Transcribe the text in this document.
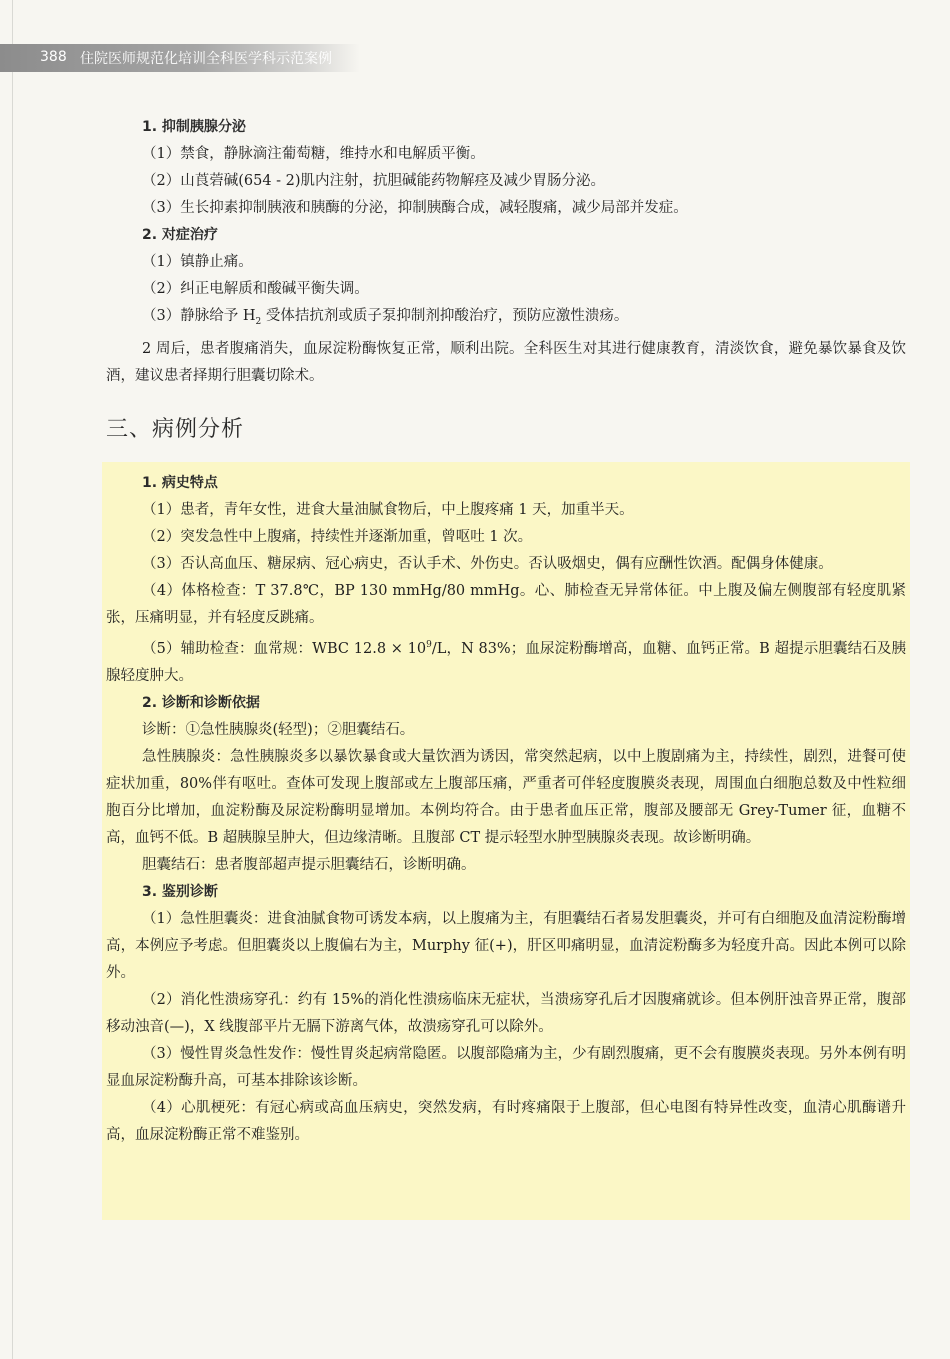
388 住院医师规范化培训全科医学科示范案例

1. 抑制胰腺分泌

（1）禁食，静脉滴注葡萄糖，维持水和电解质平衡。

（2）山莨菪碱(654 - 2)肌内注射，抗胆碱能药物解痉及减少胃肠分泌。

（3）生长抑素抑制胰液和胰酶的分泌，抑制胰酶合成，减轻腹痛，减少局部并发症。

2. 对症治疗

（1）镇静止痛。

（2）纠正电解质和酸碱平衡失调。

（3）静脉给予 $H_2$ 受体拮抗剂或质子泵抑制剂抑酸治疗，预防应激性溃疡。

2 周后，患者腹痛消失，血尿淀粉酶恢复正常，顺利出院。全科医生对其进行健康教育，清淡饮食，避免暴饮暴食及饮酒，建议患者择期行胆囊切除术。

三、病例分析

1. 病史特点

（1）患者，青年女性，进食大量油腻食物后，中上腹疼痛 1 天，加重半天。

（2）突发急性中上腹痛，持续性并逐渐加重，曾呕吐 1 次。

（3）否认高血压、糖尿病、冠心病史，否认手术、外伤史。否认吸烟史，偶有应酬性饮酒。配偶身体健康。

（4）体格检查：T 37.8℃，BP 130 mmHg/80 mmHg。心、肺检查无异常体征。中上腹及偏左侧腹部有轻度肌紧张，压痛明显，并有轻度反跳痛。

（5）辅助检查：血常规：WBC $12.8 \times 10^9/L$，N 83%；血尿淀粉酶增高，血糖、血钙正常。B 超提示胆囊结石及胰腺轻度肿大。

2. 诊断和诊断依据

诊断：①急性胰腺炎(轻型)；②胆囊结石。

急性胰腺炎：急性胰腺炎多以暴饮暴食或大量饮酒为诱因，常突然起病，以中上腹剧痛为主，持续性，剧烈，进餐可使症状加重，80%伴有呕吐。查体可发现上腹部或左上腹部压痛，严重者可伴轻度腹膜炎表现，周围血白细胞总数及中性粒细胞百分比增加，血淀粉酶及尿淀粉酶明显增加。本例均符合。由于患者血压正常，腹部及腰部无 Grey-Tumer 征，血糖不高，血钙不低。B 超胰腺呈肿大，但边缘清晰。且腹部 CT 提示轻型水肿型胰腺炎表现。故诊断明确。

胆囊结石：患者腹部超声提示胆囊结石，诊断明确。

3. 鉴别诊断

（1）急性胆囊炎：进食油腻食物可诱发本病，以上腹痛为主，有胆囊结石者易发胆囊炎，并可有白细胞及血清淀粉酶增高，本例应予考虑。但胆囊炎以上腹偏右为主，Murphy 征(+)，肝区叩痛明显，血清淀粉酶多为轻度升高。因此本例可以除外。

（2）消化性溃疡穿孔：约有 15%的消化性溃疡临床无症状，当溃疡穿孔后才因腹痛就诊。但本例肝浊音界正常，腹部移动浊音(—)，X 线腹部平片无膈下游离气体，故溃疡穿孔可以除外。

（3）慢性胃炎急性发作：慢性胃炎起病常隐匿。以腹部隐痛为主，少有剧烈腹痛，更不会有腹膜炎表现。另外本例有明显血尿淀粉酶升高，可基本排除该诊断。

（4）心肌梗死：有冠心病或高血压病史，突然发病，有时疼痛限于上腹部，但心电图有特异性改变，血清心肌酶谱升高，血尿淀粉酶正常不难鉴别。
